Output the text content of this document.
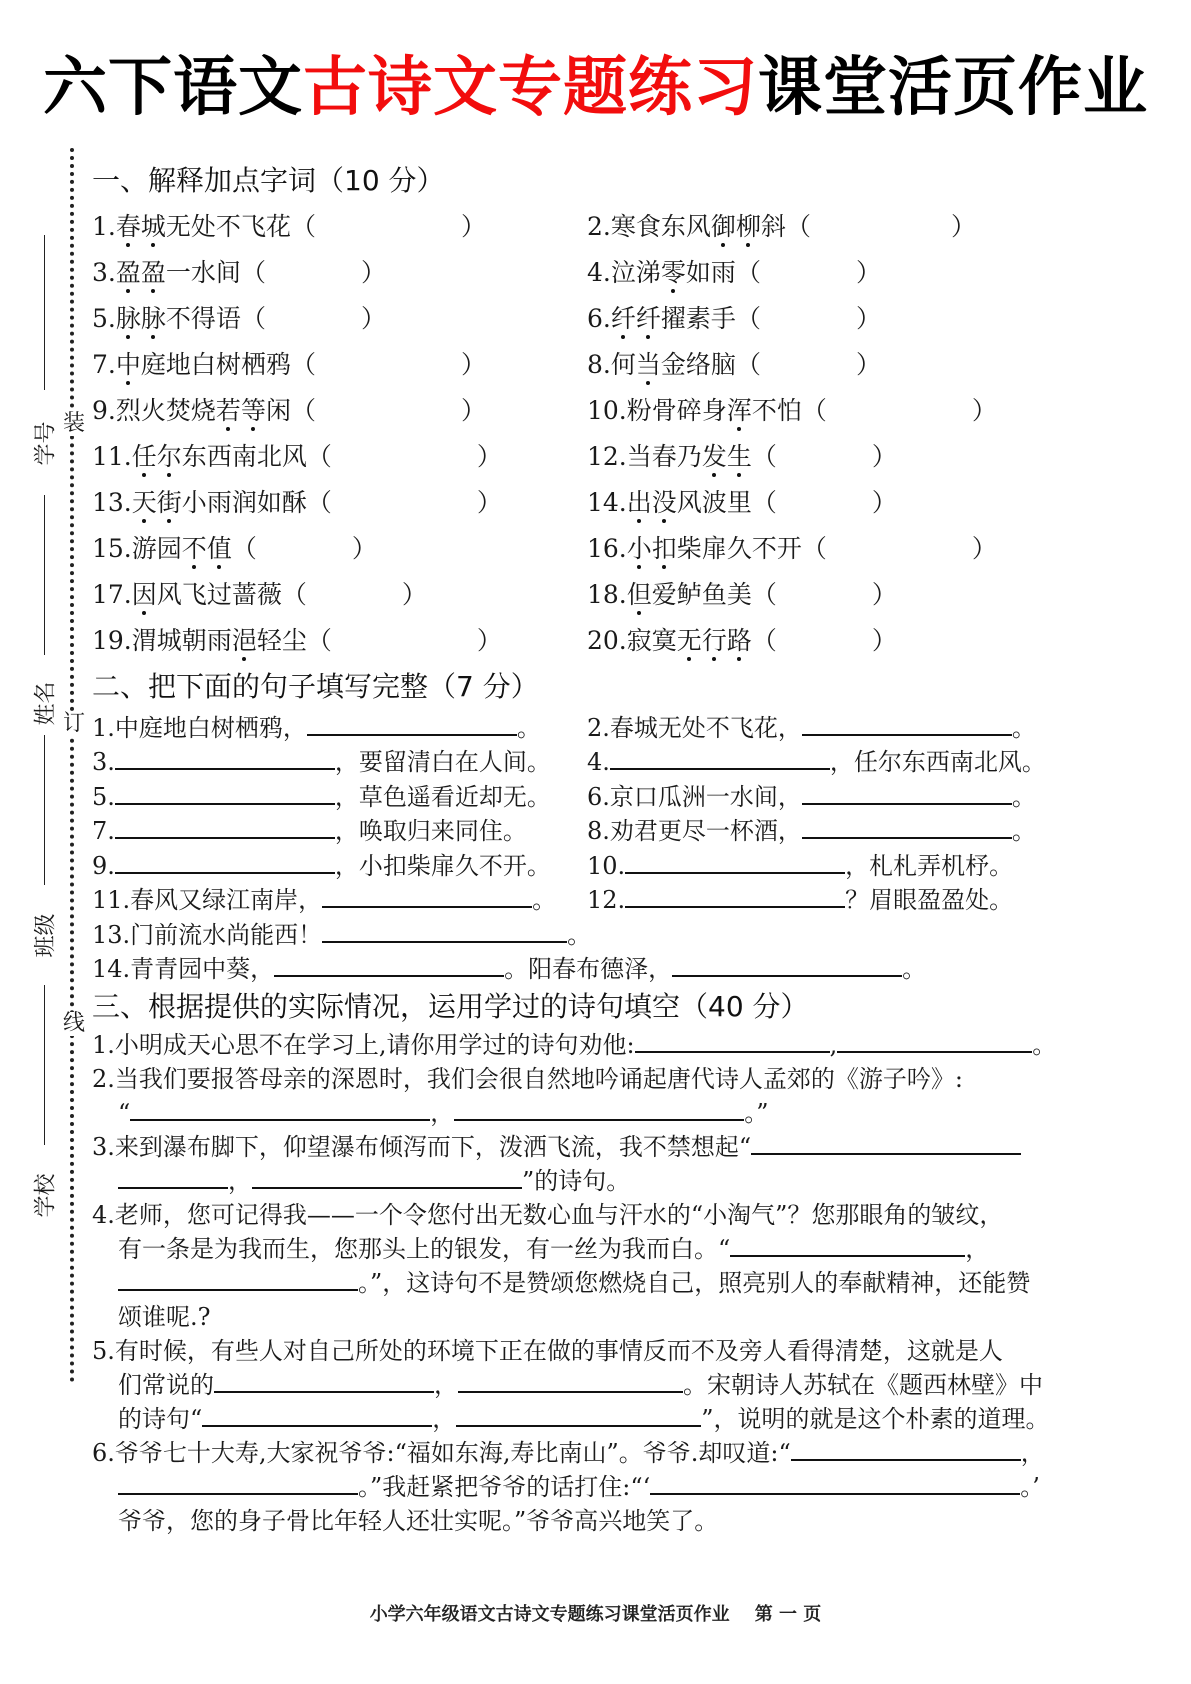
六下语文古诗文专题练习课堂活页作业
装
订
线
学号
姓名
班级
学校
一、解释加点字词（10 分）
1.春城无处不飞花（	）	2.寒食东风御柳斜（	）
3.盈盈一水间（	）	4.泣涕零如雨（	）
5.脉脉不得语（	）	6.纤纤擢素手（	）
7.中庭地白树栖鸦（	）	8.何当金络脑（	）
9.烈火焚烧若等闲（	）	10.粉骨碎身浑不怕（	）
11.任尔东西南北风（	）	12.当春乃发生（	）
13.天街小雨润如酥（	）	14.出没风波里（	）
15.游园不值（	）	16.小扣柴扉久不开（	）
17.因风飞过蔷薇（	）	18.但爱鲈鱼美（	）
19.渭城朝雨浥轻尘（	）	20.寂寞无行路（	）
二、把下面的句子填写完整（7 分）
1.中庭地白树栖鸦，	。	2.春城无处不飞花，	。
3.	，要留清白在人间。	4.	，任尔东西南北风。
5.	，草色遥看近却无。	6.京口瓜洲一水间，	。
7.	，唤取归来同住。	8.劝君更尽一杯酒，	。
9.	，小扣柴扉久不开。	10.	，札札弄机杼。
11.春风又绿江南岸，	。	12.	？眉眼盈盈处。
13.门前流水尚能西！	。
14.青青园中葵，	。阳春布德泽，	。
三、根据提供的实际情况，运用学过的诗句填空（40 分）

1.小明成天心思不在学习上,请你用学过的诗句劝他:	,	。

2.当我们要报答母亲的深恩时，我们会很自然地吟诵起唐代诗人孟郊的《游子吟》:

“	，	。”

3.来到瀑布脚下，仰望瀑布倾泻而下，泼洒飞流，我不禁想起“

，	”的诗句。

4.老师，您可记得我——一个令您付出无数心血与汗水的“小淘气”？您那眼角的皱纹，

有一条是为我而生，您那头上的银发，有一丝为我而白。“	，

。”，这诗句不是赞颂您燃烧自己，照亮别人的奉献精神，还能赞

颂谁呢.?

5.有时候，有些人对自己所处的环境下正在做的事情反而不及旁人看得清楚，这就是人

们常说的	，	。宋朝诗人苏轼在《题西林壁》中

的诗句“	，	”，说明的就是这个朴素的道理。

6.爷爷七十大寿,大家祝爷爷:“福如东海,寿比南山”。爷爷.却叹道:“	，

。”我赶紧把爷爷的话打住:“‘	。’

爷爷，您的身子骨比年轻人还壮实呢。”爷爷高兴地笑了。

小学六年级语文古诗文专题练习课堂活页作业 第 一 页
